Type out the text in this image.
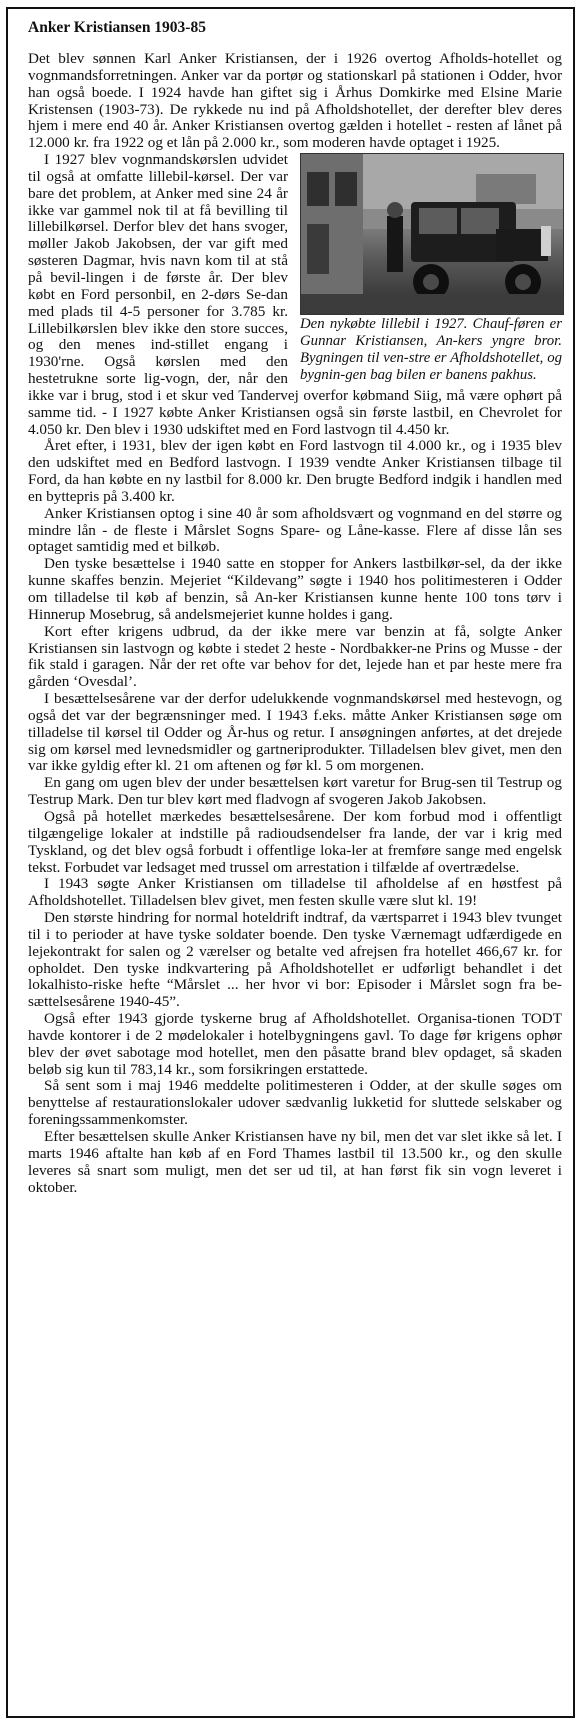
Anker Kristiansen 1903-85

Det blev sønnen Karl Anker Kristiansen, der i 1926 overtog Afholds-hotellet og vognmandsforretningen. Anker var da portør og stationskarl på stationen i Odder, hvor han også boede. I 1924 havde han giftet sig i Århus Domkirke med Elsine Marie Kristensen (1903-73). De rykkede nu ind på Afholdshotellet, der derefter blev deres hjem i mere end 40 år. Anker Kristiansen overtog gælden i hotellet - resten af lånet på 12.000 kr. fra 1922 og et lån på 2.000 kr., som moderen havde optaget i 1925.

Den nykøbte lillebil i 1927. Chauf-føren er Gunnar Kristiansen, An-kers yngre bror. Bygningen til ven-stre er Afholdshotellet, og bygnin-gen bag bilen er banens pakhus.

I 1927 blev vognmandskørslen udvidet til også at omfatte lillebil-kørsel. Der var bare det problem, at Anker med sine 24 år ikke var gammel nok til at få bevilling til lillebilkørsel. Derfor blev det hans svoger, møller Jakob Jakobsen, der var gift med søsteren Dagmar, hvis navn kom til at stå på bevil-lingen i de første år. Der blev købt en Ford personbil, en 2-dørs Se-dan med plads til 4-5 personer for 3.785 kr. Lillebilkørslen blev ikke den store succes, og den menes ind-stillet engang i 1930'rne. Også kørslen med den hestetrukne sorte lig-vogn, der, når den ikke var i brug, stod i et skur ved Tandervej overfor købmand Siig, må være ophørt på samme tid. - I 1927 købte Anker Kristiansen også sin første lastbil, en Chevrolet for 4.050 kr. Den blev i 1930 udskiftet med en Ford lastvogn til 4.450 kr.

Året efter, i 1931, blev der igen købt en Ford lastvogn til 4.000 kr., og i 1935 blev den udskiftet med en Bedford lastvogn. I 1939 vendte Anker Kristiansen tilbage til Ford, da han købte en ny lastbil for 8.000 kr. Den brugte Bedford indgik i handlen med en byttepris på 3.400 kr.

Anker Kristiansen optog i sine 40 år som afholdsvært og vognmand en del større og mindre lån - de fleste i Mårslet Sogns Spare- og Låne-kasse. Flere af disse lån ses optaget samtidig med et bilkøb.

Den tyske besættelse i 1940 satte en stopper for Ankers lastbilkør-sel, da der ikke kunne skaffes benzin. Mejeriet “Kildevang” søgte i 1940 hos politimesteren i Odder om tilladelse til køb af benzin, så An-ker Kristiansen kunne hente 100 tons tørv i Hinnerup Mosebrug, så andelsmejeriet kunne holdes i gang.

Kort efter krigens udbrud, da der ikke mere var benzin at få, solgte Anker Kristiansen sin lastvogn og købte i stedet 2 heste - Nordbakker-ne Prins og Musse - der fik stald i garagen. Når der ret ofte var behov for det, lejede han et par heste mere fra gården ‘Ovesdal’.

I besættelsesårene var der derfor udelukkende vognmandskørsel med hestevogn, og også det var der begrænsninger med. I 1943 f.eks. måtte Anker Kristiansen søge om tilladelse til kørsel til Odder og År-hus og retur. I ansøgningen anførtes, at det drejede sig om kørsel med levnedsmidler og gartneriprodukter. Tilladelsen blev givet, men den var ikke gyldig efter kl. 21 om aftenen og før kl. 5 om morgenen.

En gang om ugen blev der under besættelsen kørt varetur for Brug-sen til Testrup og Testrup Mark. Den tur blev kørt med fladvogn af svogeren Jakob Jakobsen.

Også på hotellet mærkedes besættelsesårene. Der kom forbud mod i offentligt tilgængelige lokaler at indstille på radioudsendelser fra lande, der var i krig med Tyskland, og det blev også forbudt i offentlige loka-ler at fremføre sange med engelsk tekst. Forbudet var ledsaget med trussel om arrestation i tilfælde af overtrædelse.

I 1943 søgte Anker Kristiansen om tilladelse til afholdelse af en høstfest på Afholdshotellet. Tilladelsen blev givet, men festen skulle være slut kl. 19!

Den største hindring for normal hoteldrift indtraf, da værtsparret i 1943 blev tvunget til i to perioder at have tyske soldater boende. Den tyske Værnemagt udfærdigede en lejekontrakt for salen og 2 værelser og betalte ved afrejsen fra hotellet 466,67 kr. for opholdet. Den tyske indkvartering på Afholdshotellet er udførligt behandlet i det lokalhisto-riske hefte “Mårslet ... her hvor vi bor: Episoder i Mårslet sogn fra be-sættelsesårene 1940-45”.

Også efter 1943 gjorde tyskerne brug af Afholdshotellet. Organisa-tionen TODT havde kontorer i de 2 mødelokaler i hotelbygningens gavl. To dage før krigens ophør blev der øvet sabotage mod hotellet, men den påsatte brand blev opdaget, så skaden beløb sig kun til 783,14 kr., som forsikringen erstattede.

Så sent som i maj 1946 meddelte politimesteren i Odder, at der skulle søges om benyttelse af restaurationslokaler udover sædvanlig lukketid for sluttede selskaber og foreningssammenkomster.

Efter besættelsen skulle Anker Kristiansen have ny bil, men det var slet ikke så let. I marts 1946 aftalte han køb af en Ford Thames lastbil til 13.500 kr., og den skulle leveres så snart som muligt, men det ser ud til, at han først fik sin vogn leveret i oktober.
